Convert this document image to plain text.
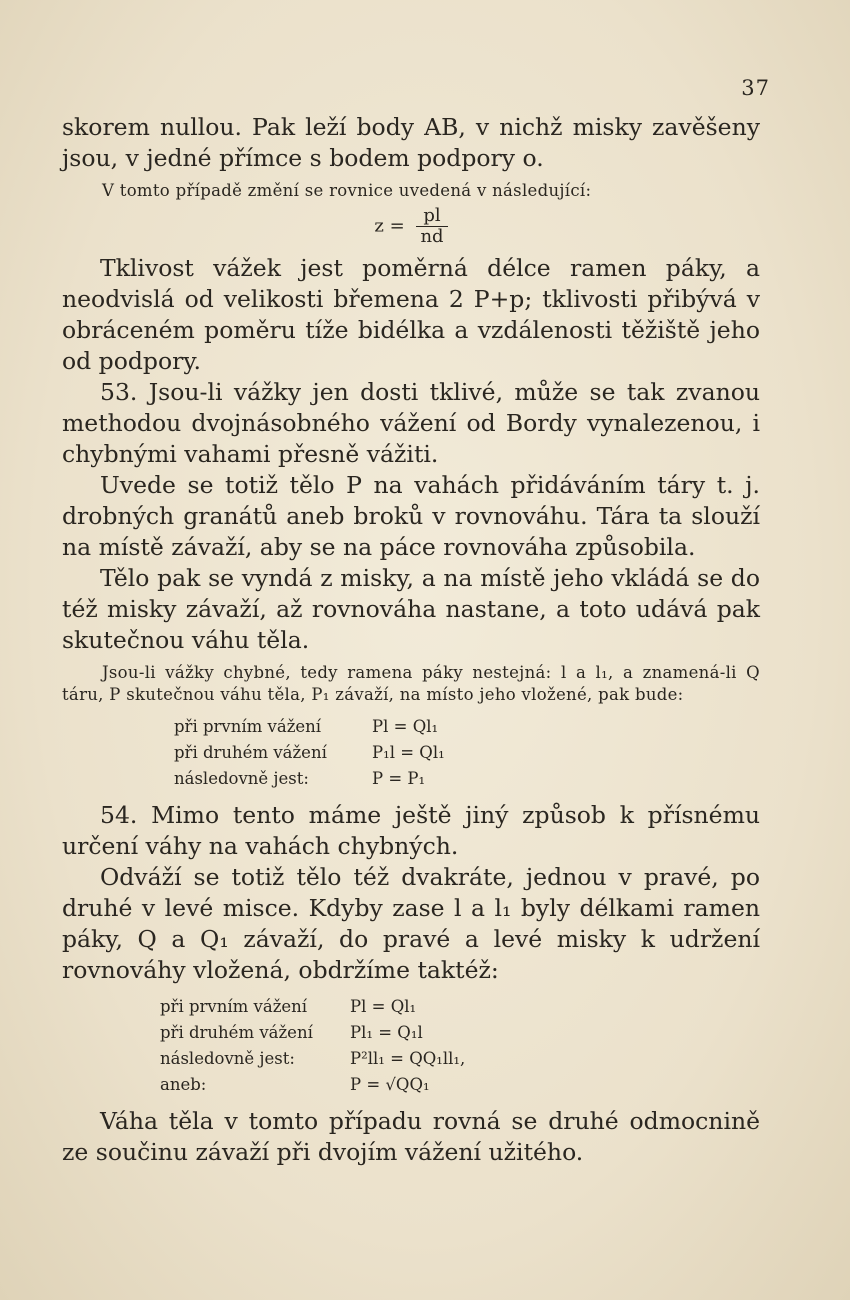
37

skorem nullou. Pak leží body AB, v nichž misky zavěšeny jsou, v jedné přímce s bodem podpory o.

V tomto případě změní se rovnice uvedená v následující:

$z = \frac{pl}{nd}$

Tklivost vážek jest poměrná délce ramen páky, a neodvislá od velikosti břemena 2 P+p; tklivosti přibývá v obráceném poměru tíže bidélka a vzdálenosti těžiště jeho od podpory.

53. Jsou-li vážky jen dosti tklivé, může se tak zvanou methodou dvojnásobného vážení od Bordy vynalezenou, i chybnými vahami přesně vážiti.

Uvede se totiž tělo P na vahách přidáváním táry t. j. drobných granátů aneb broků v rovnováhu. Tára ta slouží na místě závaží, aby se na páce rovnováha způsobila.

Tělo pak se vyndá z misky, a na místě jeho vkládá se do též misky závaží, až rovnováha nastane, a toto udává pak skutečnou váhu těla.

Jsou-li vážky chybné, tedy ramena páky nestejná: l a l₁, a znamená-li Q táru, P skutečnou váhu těla, P₁ závaží, na místo jeho vložené, pak bude:

při prvním vážení	Pl = Ql₁
při druhém vážení	P₁l = Ql₁
následovně jest:	P = P₁

54. Mimo tento máme ještě jiný způsob k přísnému určení váhy na vahách chybných.

Odváží se totiž tělo též dvakráte, jednou v pravé, po druhé v levé misce. Kdyby zase l a l₁ byly délkami ramen páky, Q a Q₁ závaží, do pravé a levé misky k udržení rovnováhy vložená, obdržíme taktéž:

při prvním vážení	Pl = Ql₁
při druhém vážení	Pl₁ = Q₁l
následovně jest:	P²ll₁ = QQ₁ll₁,
aneb:	P = √QQ₁

Váha těla v tomto případu rovná se druhé odmocnině ze součinu závaží při dvojím vážení užitého.
